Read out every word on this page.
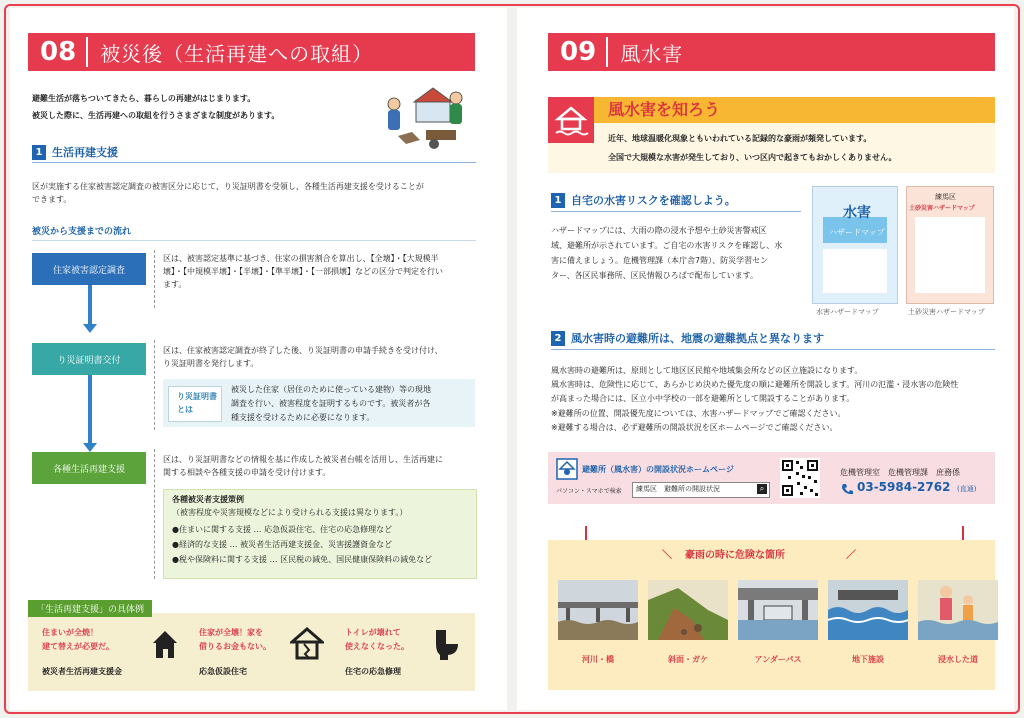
08	被災後（生活再建への取組）
避難生活が落ちついてきたら、暮らしの再建がはじまります。
被災した際に、生活再建への取組を行うさまざまな制度があります。
1 生活再建支援
区が実施する住家被害認定調査の被害区分に応じて、り災証明書を受領し、各種生活再建支援を受けることが
できます。
被災から支援までの流れ
住家被害認定調査
区は、被害認定基準に基づき、住家の損害割合を算出し、【全壊】・【大規模半
壊】・【中規模半壊】・【半壊】・【準半壊】・【一部損壊】などの区分で判定を行い
ます。
り災証明書交付
区は、住家被害認定調査が終了した後、り災証明書の申請手続きを受け付け、
り災証明書を発行します。
り災証明書
とは
被災した住家（居住のために使っている建物）等の現地
調査を行い、被害程度を証明するものです。被災者が各
種支援を受けるために必要になります。
各種生活再建支援
区は、り災証明書などの情報を基に作成した被災者台帳を活用し、生活再建に
関する相談や各種支援の申請を受け付けます。
各種被災者支援策例
（被害程度や災害規模などにより受けられる支援は異なります。）
●住まいに関する支援 … 応急仮設住宅、住宅の応急修理など
●経済的な支援 … 被災者生活再建支援金、災害援護資金など
●税や保険料に関する支援 … 区民税の減免、国民健康保険料の減免など
「生活再建支援」の具体例
住まいが全焼！
建て替えが必要だ。
被災者生活再建支援金
住家が全壊！家を
借りるお金もない。
応急仮設住宅
トイレが壊れて
使えなくなった。
住宅の応急修理
09	風水害
風水害を知ろう
近年、地球温暖化現象ともいわれている記録的な豪雨が頻発しています。
全国で大規模な水害が発生しており、いつ区内で起きてもおかしくありません。
1 自宅の水害リスクを確認しよう。
ハザードマップには、大雨の際の浸水予想や土砂災害警戒区
域、避難所が示されています。ご自宅の水害リスクを確認し、水
害に備えましょう。危機管理課（本庁舎7階）、防災学習セン
ター、各区民事務所、区民情報ひろばで配布しています。
水害
ハザードマップ
水害ハザードマップ
練馬区
土砂災害ハザードマップ
土砂災害ハザードマップ
2 風水害時の避難所は、地震の避難拠点と異なります
風水害時の避難所は、原則として地区区民館や地域集会所などの区立施設になります。
風水害時は、危険性に応じて、あらかじめ決めた優先度の順に避難所を開設します。河川の氾濫・浸水害の危険性
が高まった場合には、区立小中学校の一部を避難所として開設することがあります。
※避難所の位置、開設優先度については、水害ハザードマップでご確認ください。
※避難する場合は、必ず避難所の開設状況を区ホームページでご確認ください。
避難所（風水害）の開設状況ホームページ
パソコン・スマホで検索 練馬区　避難所の開設状況	⌕
危機管理室　危機管理課　庶務係
03-5984-2762 (直通)
＼ 豪雨の時に危険な箇所	／
河川・橋	斜面・ガケ	アンダーパス	地下施設	浸水した道
